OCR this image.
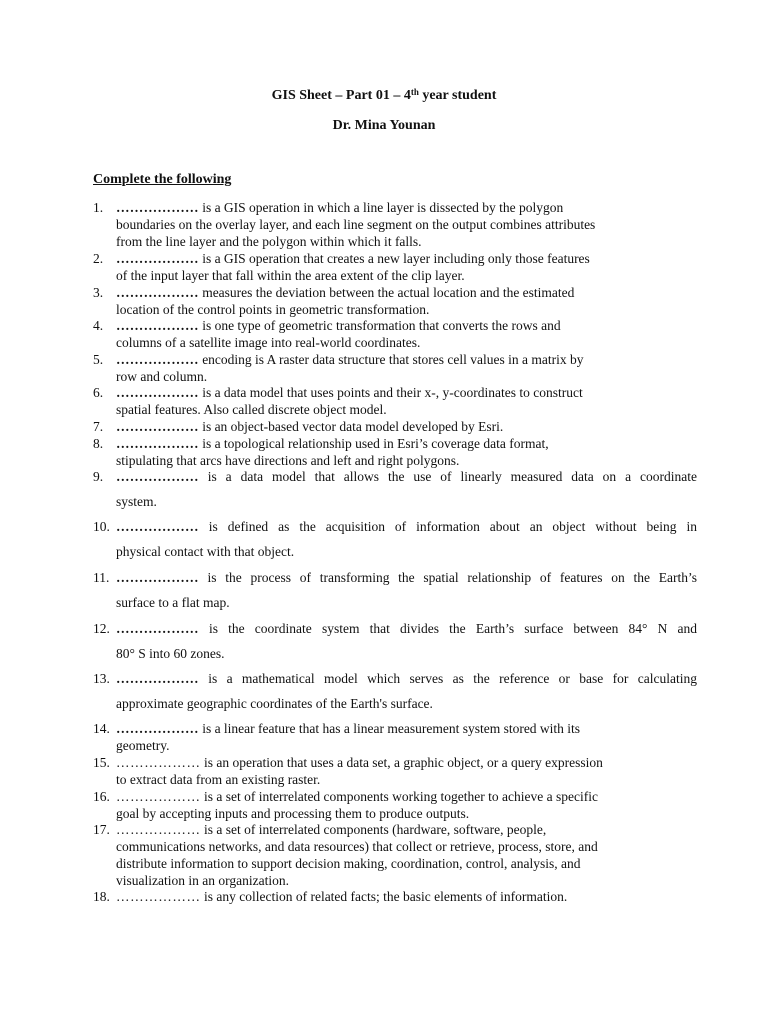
GIS Sheet – Part 01 – 4th year student
Dr. Mina Younan
Complete the following
1. ……………… is a GIS operation in which a line layer is dissected by the polygon
boundaries on the overlay layer, and each line segment on the output combines attributes
from the line layer and the polygon within which it falls.
2. ……………… is a GIS operation that creates a new layer including only those features
of the input layer that fall within the area extent of the clip layer.
3. ……………… measures the deviation between the actual location and the estimated
location of the control points in geometric transformation.
4. ……………… is one type of geometric transformation that converts the rows and
columns of a satellite image into real-world coordinates.
5. ……………… encoding is A raster data structure that stores cell values in a matrix by
row and column.
6. ……………… is a data model that uses points and their x-, y-coordinates to construct
spatial features. Also called discrete object model.
7. ……………… is an object-based vector data model developed by Esri.
8. ……………… is a topological relationship used in Esri’s coverage data format,
stipulating that arcs have directions and left and right polygons.
9. ……………… is a data model that allows the use of linearly measured data on a coordinate
system.
10. ……………… is defined as the acquisition of information about an object without being in
physical contact with that object.
11. ……………… is the process of transforming the spatial relationship of features on the Earth’s
surface to a flat map.
12. ……………… is the coordinate system that divides the Earth’s surface between 84° N and
80° S into 60 zones.
13. ……………… is a mathematical model which serves as the reference or base for calculating
approximate geographic coordinates of the Earth's surface.
14. ……………… is a linear feature that has a linear measurement system stored with its
geometry.
15. ……………… is an operation that uses a data set, a graphic object, or a query expression
to extract data from an existing raster.
16. ……………… is a set of interrelated components working together to achieve a specific
goal by accepting inputs and processing them to produce outputs.
17. ……………… is a set of interrelated components (hardware, software, people,
communications networks, and data resources) that collect or retrieve, process, store, and
distribute information to support decision making, coordination, control, analysis, and
visualization in an organization.
18. ……………… is any collection of related facts; the basic elements of information.
